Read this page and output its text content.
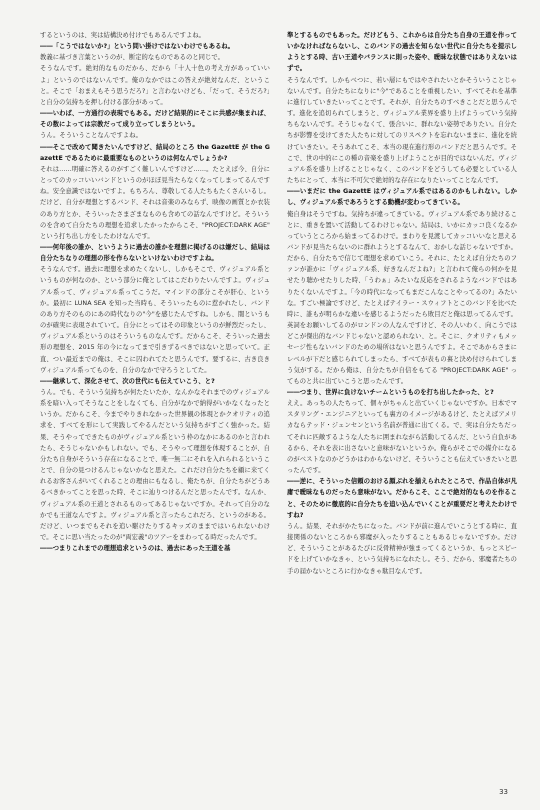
するというのは、実は結構決め付けでもあるんですよね。

――「こうではないか?」という問い掛けではないわけでもあるね。

教義に基づき言葉というのが、断定的なものであるのと同じで。

そうなんです。絶対的なものだから、だから「十人十色の考え方があっていいよ」というのではないんです。俺のなかではこの答えが絶対なんだ、ということ。そこで「おまえもそう思うだろ?」と言わないけども、「だって、そうだろ?」と自分の気持ちを押し付ける部分があって。

――いわば、一方通行の表現でもある。だけど結果的にそこに共感が集まれば、その数によっては宗教だって成り立ってしまうという。

うん。そういうことなんですよね。

――そこで改めて聞きたいんですけど、結局のところ the GazettE が the GazettE であるために最重要なものというのは何なんでしょうか?

それは……明確に答えるのがすごく難しいんですけど……。たとえば今、自分にとってのカッコいいバンドというのがほぼ見当たらなくなってしまってるんですね。安全意識ではないですよ。もちろん、尊敬してる人たちもたくさんいるし。だけど、自分が理想とするバンド、それは音楽のみならず、映像の画質とか衣装のあり方とか、そういったさまざまなものも含めての話なんですけど。そういうのを含めて自分たちの理想を追求したかったからこそ、"PROJECT:DARK AGE" という打ち出し方をしたわけなんです。

――何年後の誰か、というように過去の誰かを理想に掲げるのは嫌だし、結局は自分たちなりの理想の形を作らないといけないわけですよね。

そうなんです。過去に理想を求めたくないし、しかもそこで、ヴィジュアル系というものが何なのか、という部分に俺としてはこだわりたいんですよ。ヴィジュアル系って、ヴィジュアル系ってこうだ。マインドの部分こそが肝心、というか。最初に LUNA SEA を知った当時も、そういったものに惹かれたし、バンドのあり方そのものにあの時代なりの"今"を感じたんですね。しかも、闇というものが確実に表現されていて。自分にとってはその印象というのが鮮烈だったし、ヴィジュアル系というのはそういうものなんです。だからこそ、そういった過去形の理想を、2015 年の今になってまで引きずるべきではないと思っていて。正直、つい最近までの俺は、そこに囚われてたと思うんです。要するに、古き良きヴィジュアル系ってものを、自分のなかで守ろうとしてた。

――継承して、深化させて、次の世代にも伝えていこう、と?

うん。でも、そういう気持ちが何たたいたか、なんかなそれまでのヴィジュアル系を暗い入ってそうなことをしなくても、自分がなかで納得がいかなくなったというか。だからこそ、今までやりきれなかった世界観の体現とかクオリティの追求を、すべてを形にして実践してやるんだという気持ちがすごく強かった。結果、そうやってできたものがヴィジュアル系という枠のなかにあるのかと言われたら、そうじゃないかもしれない。でも、そうやって理想を体現することが、自分たち自身がそういう存在になることで、唯一無二にそれを入れられるということで、自分の見つけるんじゃないかなと思えた。これだけ自分たちを顧に来てくれるお客さんがいてくれることの理由にもなるし、俺たちが、自分たちがどうあるべきかってことを思った時、そこに辿りつけるんだと思ったんです。なんか、ヴィジュアル系の王道とされるものってあるじゃないですか。それって自分のなかでも王道なんですよ。ヴィジュアル系と言ったらこれだろ、というのがある。だけど、いつまでもそれを追い駆けたりするキッズのままではいられないわけで。そこに思い当たったのが"両宏義"のツアーをまわってる時だったんです。

――つまりこれまでの理想追求というのは、過去にあった王道を基

準とするものでもあった。だけどもう、これからは自分たち自身の王道を作っていかなければならないし、このバンドの過去を知らない世代に自分たちを提示しようとする時、古い王道やバランスに則った姿や、曖昧な状態ではありえないはずで。

そうなんです。しかもべつに、若い層にもではやされたいとかそういうことじゃないんです。自分たちになりに"今"であることを重視したい、すべてそれを基準に進行していきたいってことです。それが、自分たちのすべきことだと思うんです。進化を追切られてしまうと、ヴィジュアル業界を盛り上げようっていう気持ちもないんです。そうじゃなくて、張合いに、群れない姿勢でありたい。自分たちが影響を受けてきた人たちに対してのリスペクトを忘れないままに、進化を続けていきたい。そうあれてこそ、本当の現在進行形のバンドだと思うんです。そこで、世の中的にこの種の音楽を盛り上げようことが目的ではないんだ。ヴィジュアル系を盛り上げることじゃなく、このバンドをどうしても必要としている人たちにとって、本当に不可欠で絶対的な存在になりたいってことなんです。

――いまだに the GazettE はヴィジュアル系ではあるのかもしれない。しかし、ヴィジュアル系であろうとする動機が変わってきている。

俺自身はそうですね。気持ちが違ってきている。ヴィジュアル系であり続けることに、重きを置いて活動してるわけじゃない。結局は、いかにカッコ良くなるかっていうところから始まってるわけで。まわりを見渡してカッコいいなと思えるバンドが見当たらないのに群れようとするなんて、おかしな話じゃないですか。だから、自分たちで信じて理想を求めていこう。それに、たとえば自分たちのファンが誰かに「ヴィジュアル系、好きなんだよね?」と言われて俺らの何かを見せたり聴かせたりした時、「うわぁ」みたいな反応をされるようなバンドではありたくないんですよ。「今の時代になってもまだこんなことやってるの?」みたいな。すごい極論ですけど、たとえばテイラー・スウィフトとこのバンドを比べた時に、誰もが明らかな違いを感じるようだったら敗目だと俺は思ってるんです。英詞をお願いしてるのがロンドンの人なんですけど、その人いわく、向こうではどこが傑出的なバンドじゃないと認められない、と。そこに、クオリティもメッセージ性もないバンドのための場所はないと思うんですよ。そこであからさまにレベルが下だと感じられてしまったら、すべてが表もの裏と決め付けられてしまう気がする。だから俺は、自分たちが自信をもてる "PROJECT:DARK AGE" ってものと共に出ていこうと思ったんです。

――つまり、世界に負けないチームというものを打ち出したかった、と?

ええ。あっちの人たちって、個々がちゃんと出ていくじゃないですか。日本でマスタリング・エンジニアといっても裏方のイメージがあるけど、たとえばアメリカならテッド・ジェンセンという名前が普通に出てくる。で、実は自分たちだってそれに匹敵するような人たちに囲まれながら活動してるんだ、という自負があるから、それを表に出さないと意味がないというか。俺らがそこでの媒介になるのがベストなのかどうかはわからないけど、そういうことも伝えていきたいと思ったんです。

――逆に、そういった信頼のおける顔ぶれを揃えられたところで、作品自体が凡庸で曖昧なものだったら意味がない。だからこそ、ここで絶対的なものを作ること、そのために徹底的に自分たちを追い込んでいくことが重要だと考えたわけですね?

うん。結果、それがかたちになった。バンドが前に進んでいこうとする時に、直接関係のないところから邪魔が入ったりすることもあるじゃないですか。だけど、そういうことがあるたびに反骨精神が強まってくるというか、もっとスピードを上げていかなきゃ、という気持ちになれたし。そう、だから、邪魔者たちの手の届かないところに行かなきゃ駄目なんです。

33
